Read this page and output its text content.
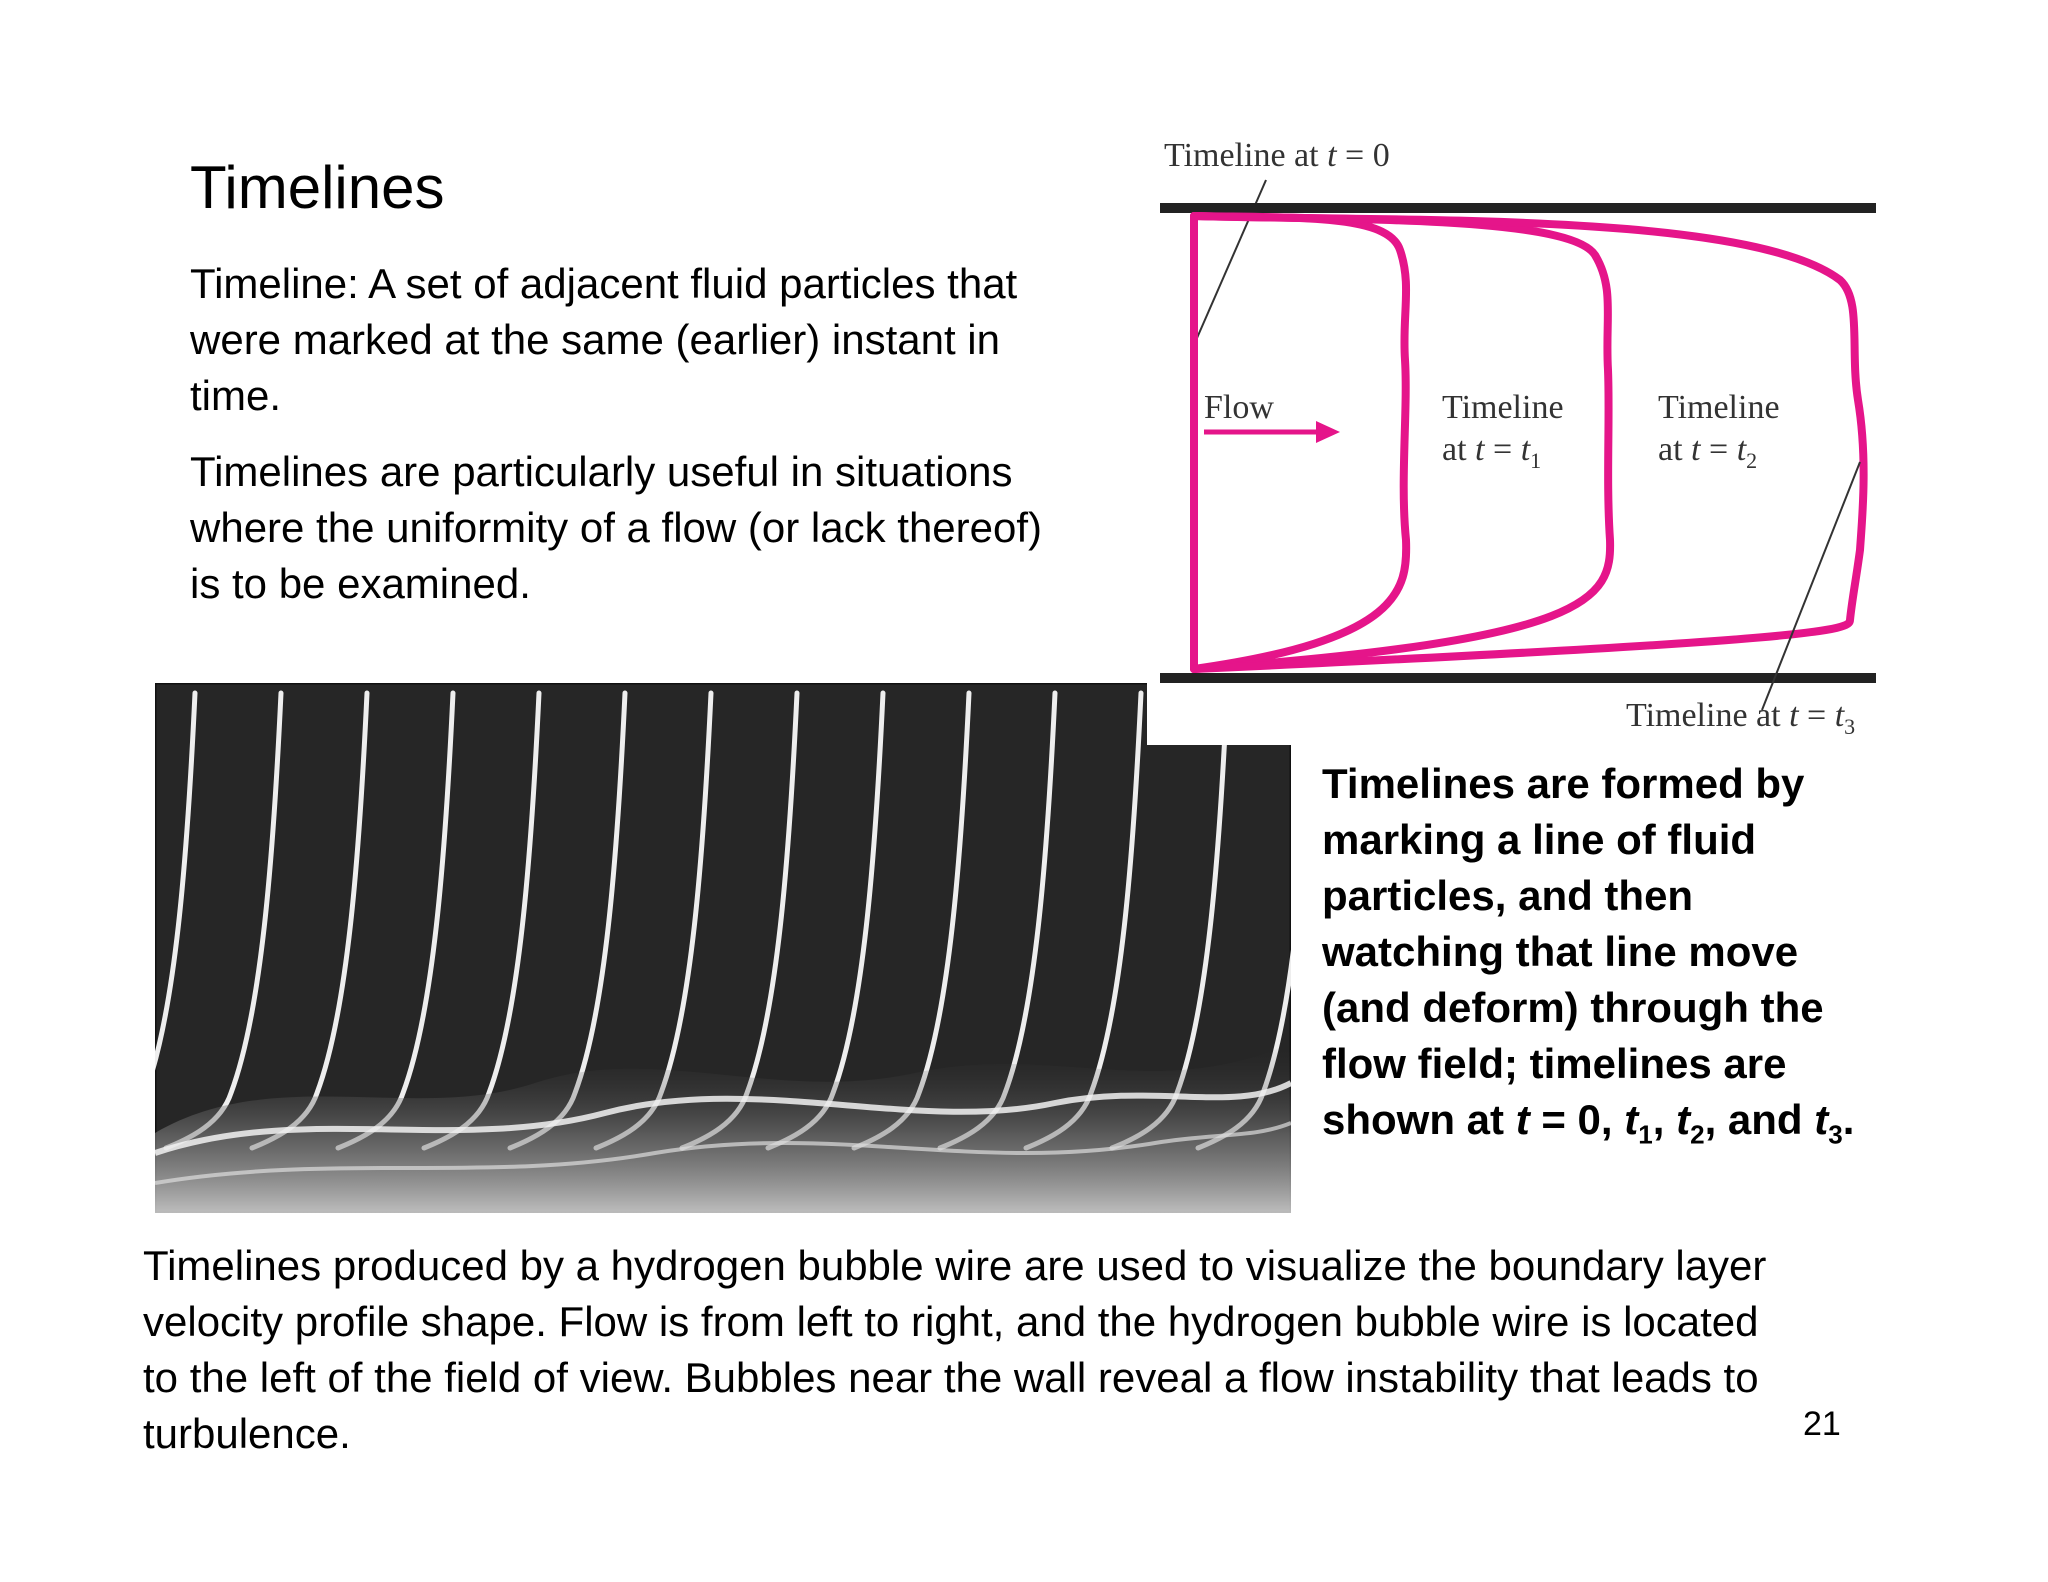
Timelines

Timeline: A set of adjacent fluid particles that were marked at the same (earlier) instant in time.

Timelines are particularly useful in situations where the uniformity of a flow (or lack thereof) is to be examined.

Timeline at t = 0
Flow	Timeline
at $t = t_1$
Timeline
at $t = t_2$
Timeline at $t = t_3$

Timelines are formed by marking a line of fluid particles, and then watching that line move (and deform) through the flow field; timelines are shown at t = 0, $t_1$, $t_2$, and $t_3$.

Timelines produced by a hydrogen bubble wire are used to visualize the boundary layer velocity profile shape. Flow is from left to right, and the hydrogen bubble wire is located to the left of the field of view. Bubbles near the wall reveal a flow instability that leads to turbulence.	21
